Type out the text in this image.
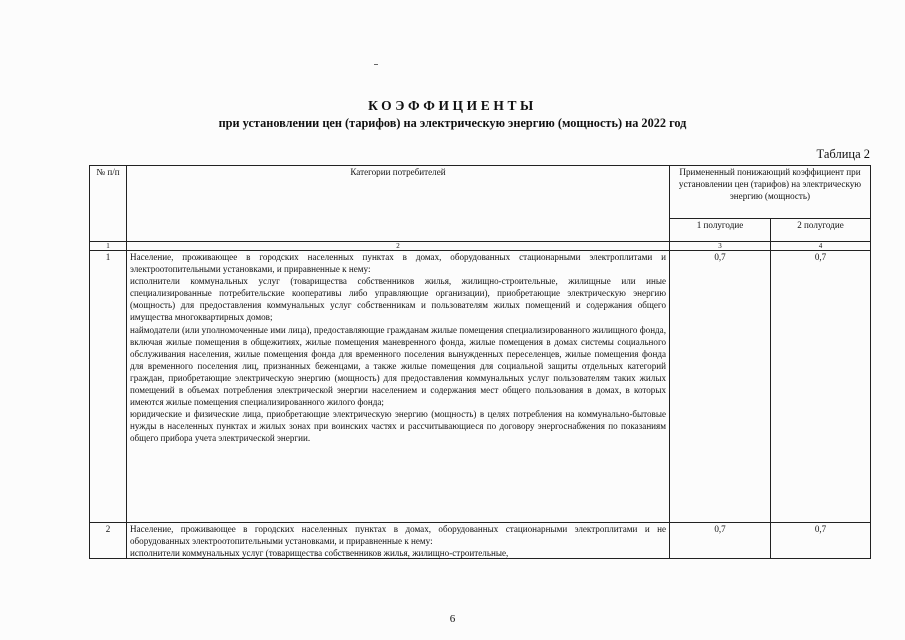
КОЭФФИЦИЕНТЫ
при установлении цен (тарифов) на электрическую энергию (мощность) на 2022 год
Таблица 2
№ п/п	Категории потребителей	Примененный понижающий коэффициент при установлении цен (тарифов) на электрическую энергию (мощность)	
		1 полугодие	2 полугодие
1	2	3	4
1	Население, проживающее в городских населенных пунктах в домах, оборудованных стационарными электроплитами и электроотопительными установками, и приравненные к нему:

исполнители коммунальных услуг (товарищества собственников жилья, жилищно-строительные, жилищные или иные специализированные потребительские кооперативы либо управляющие организации), приобретающие электрическую энергию (мощность) для предоставления коммунальных услуг собственникам и пользователям жилых помещений и содержания общего имущества многоквартирных домов;

наймодатели (или уполномоченные ими лица), предоставляющие гражданам жилые помещения специализированного жилищного фонда, включая жилые помещения в общежитиях, жилые помещения маневренного фонда, жилые помещения в домах системы социального обслуживания населения, жилые помещения фонда для временного поселения вынужденных переселенцев, жилые помещения фонда для временного поселения лиц, признанных беженцами, а также жилые помещения для социальной защиты отдельных категорий граждан, приобретающие электрическую энергию (мощность) для предоставления коммунальных услуг пользователям таких жилых помещений в объемах потребления электрической энергии населением и содержания мест общего пользования в домах, в которых имеются жилые помещения специализированного жилого фонда;

юридические и физические лица, приобретающие электрическую энергию (мощность) в целях потребления на коммунально-бытовые нужды в населенных пунктах и жилых зонах при воинских частях и рассчитывающиеся по договору энергоснабжения по показаниям общего прибора учета электрической энергии.	0,7	0,7
2	Население, проживающее в городских населенных пунктах в домах, оборудованных стационарными электроплитами и не оборудованных электроотопительными установками, и приравненные к нему:

исполнители коммунальных услуг (товарищества собственников жилья, жилищно-строительные,	0,7	0,7
6
